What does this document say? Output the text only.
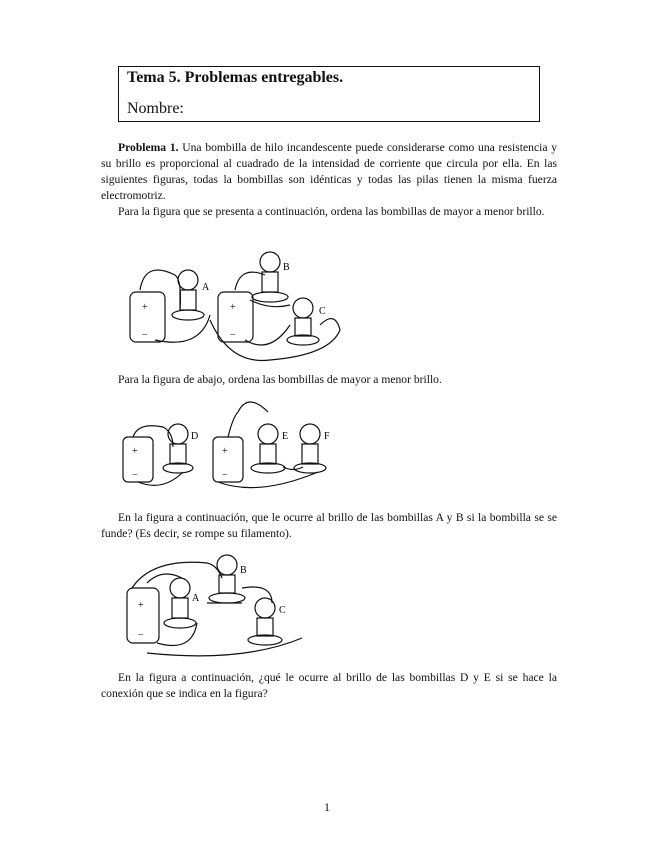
Tema 5. Problemas entregables.
Nombre:
Problema 1. Una bombilla de hilo incandescente puede considerarse como una resistencia y su brillo es proporcional al cuadrado de la intensidad de corriente que circula por ella. En las siguientes figuras, todas la bombillas son idénticas y todas las pilas tienen la misma fuerza electromotriz.
Para la figura que se presenta a continuación, ordena las bombillas de mayor a menor brillo.
+
−
+
−
A
B
C
Para la figura de abajo, ordena las bombillas de mayor a menor brillo.
+
−
+
−
D	E	F
En la figura a continuación, que le ocurre al brillo de las bombillas A y B si la bombilla se se funde? (Es decir, se rompe su filamento).
+
−
A
B
C
En la figura a continuación, ¿qué le ocurre al brillo de las bombillas D y E si se hace la conexión que se indica en la figura?
1
